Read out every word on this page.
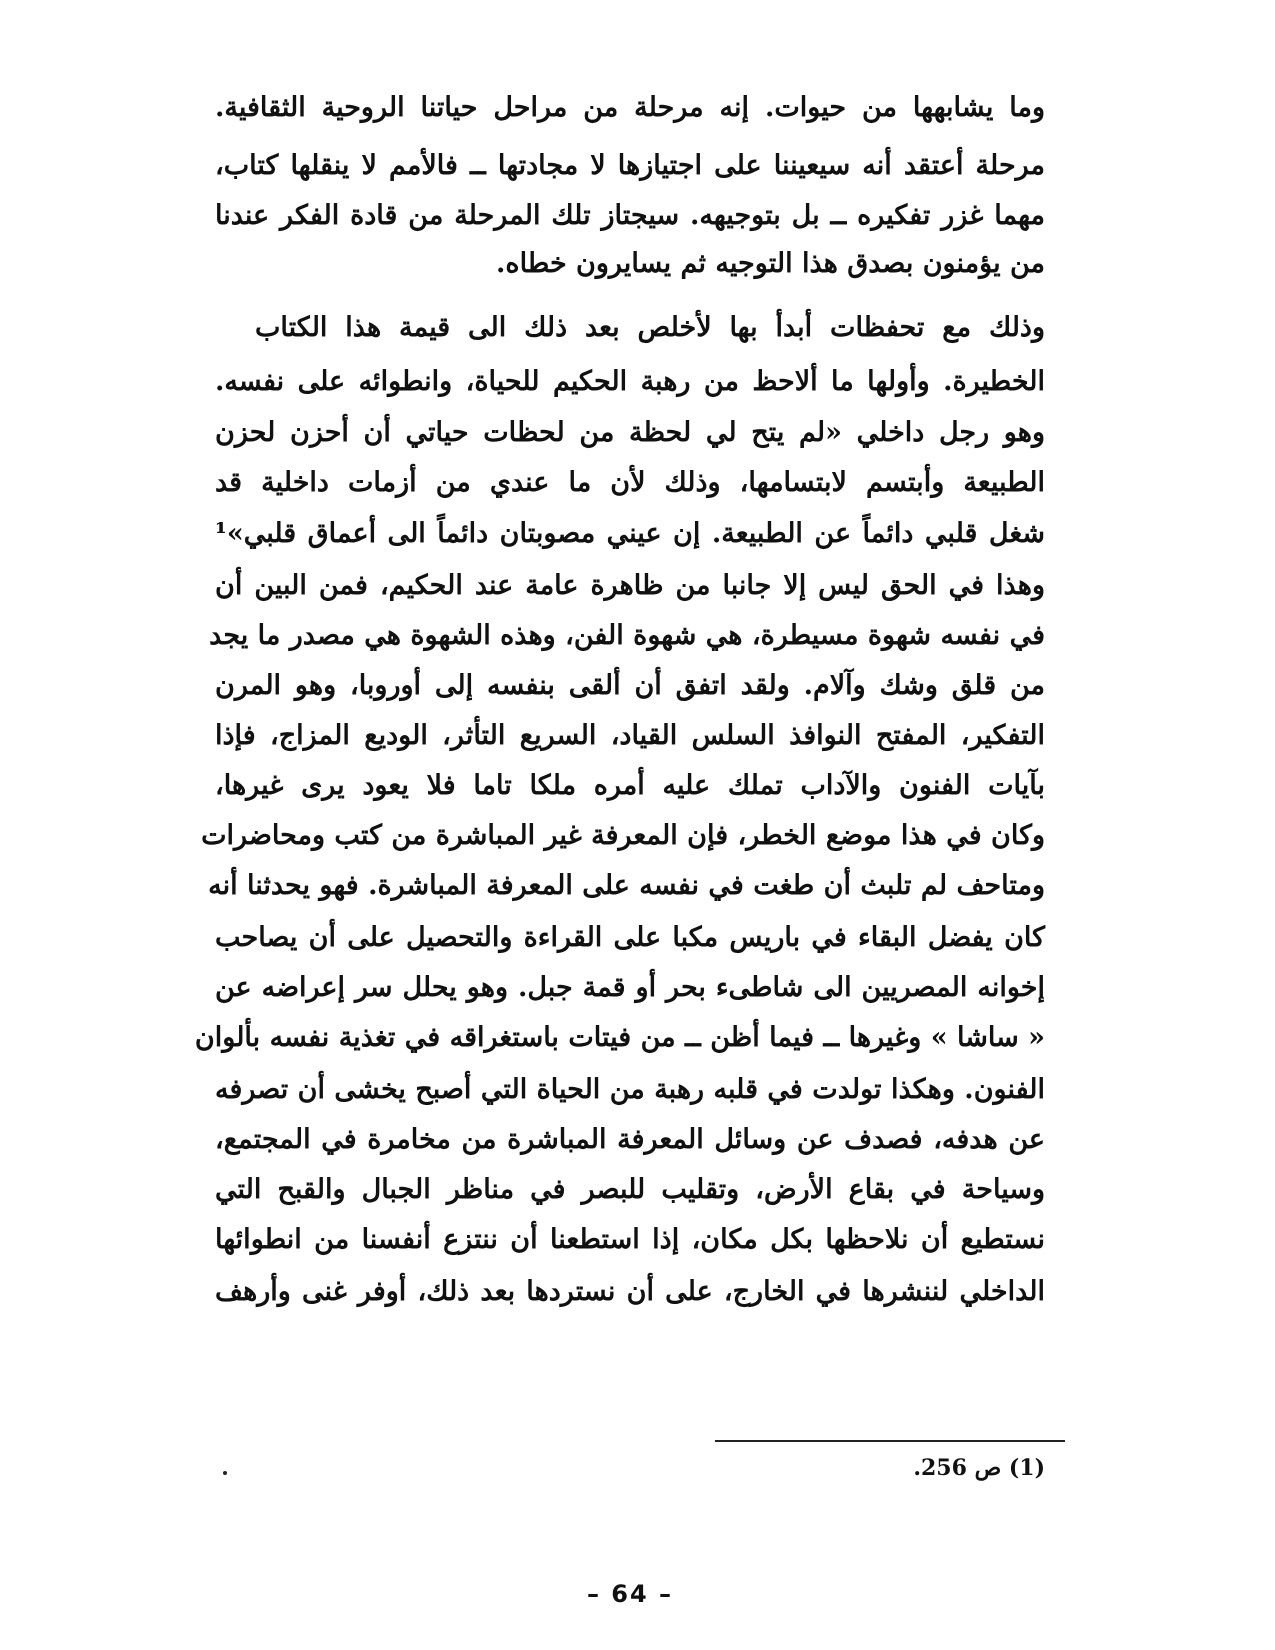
وما يشابهها من حيوات. إنه مرحلة من مراحل حياتنا الروحية الثقافية.
مرحلة أعتقد أنه سيعيننا على اجتيازها لا مجادتها ــ فالأمم لا ينقلها كتاب،
مهما غزر تفكيره ــ بل بتوجيهه. سيجتاز تلك المرحلة من قادة الفكر عندنا
من يؤمنون بصدق هذا التوجيه ثم يسايرون خطاه.
وذلك مع تحفظات أبدأ بها لأخلص بعد ذلك الى قيمة هذا الكتاب
الخطيرة. وأولها ما ألاحظ من رهبة الحكيم للحياة، وانطوائه على نفسه.
وهو رجل داخلي «لم يتح لي لحظة من لحظات حياتي أن أحزن لحزن
الطبيعة وأبتسم لابتسامها، وذلك لأن ما عندي من أزمات داخلية قد
شغل قلبي دائماً عن الطبيعة. إن عيني مصوبتان دائماً الى أعماق قلبي»¹
وهذا في الحق ليس إلا جانبا من ظاهرة عامة عند الحكيم، فمن البين أن
في نفسه شهوة مسيطرة، هي شهوة الفن، وهذه الشهوة هي مصدر ما يجد
من قلق وشك وآلام. ولقد اتفق أن ألقى بنفسه إلى أوروبا، وهو المرن
التفكير، المفتح النوافذ السلس القياد، السريع التأثر، الوديع المزاج، فإذا
بآيات الفنون والآداب تملك عليه أمره ملكا تاما فلا يعود يرى غيرها،
وكان في هذا موضع الخطر، فإن المعرفة غير المباشرة من كتب ومحاضرات
ومتاحف لم تلبث أن طغت في نفسه على المعرفة المباشرة. فهو يحدثنا أنه
كان يفضل البقاء في باريس مكبا على القراءة والتحصيل على أن يصاحب
إخوانه المصريين الى شاطىء بحر أو قمة جبل. وهو يحلل سر إعراضه عن
« ساشا » وغيرها ــ فيما أظن ــ من فيتات باستغراقه في تغذية نفسه بألوان
الفنون. وهكذا تولدت في قلبه رهبة من الحياة التي أصبح يخشى أن تصرفه
عن هدفه، فصدف عن وسائل المعرفة المباشرة من مخامرة في المجتمع،
وسياحة في بقاع الأرض، وتقليب للبصر في مناظر الجبال والقبح التي
نستطيع أن نلاحظها بكل مكان، إذا استطعنا أن ننتزع أنفسنا من انطوائها
الداخلي لننشرها في الخارج، على أن نستردها بعد ذلك، أوفر غنى وأرهف
(1) ص 256.
– 64 –
